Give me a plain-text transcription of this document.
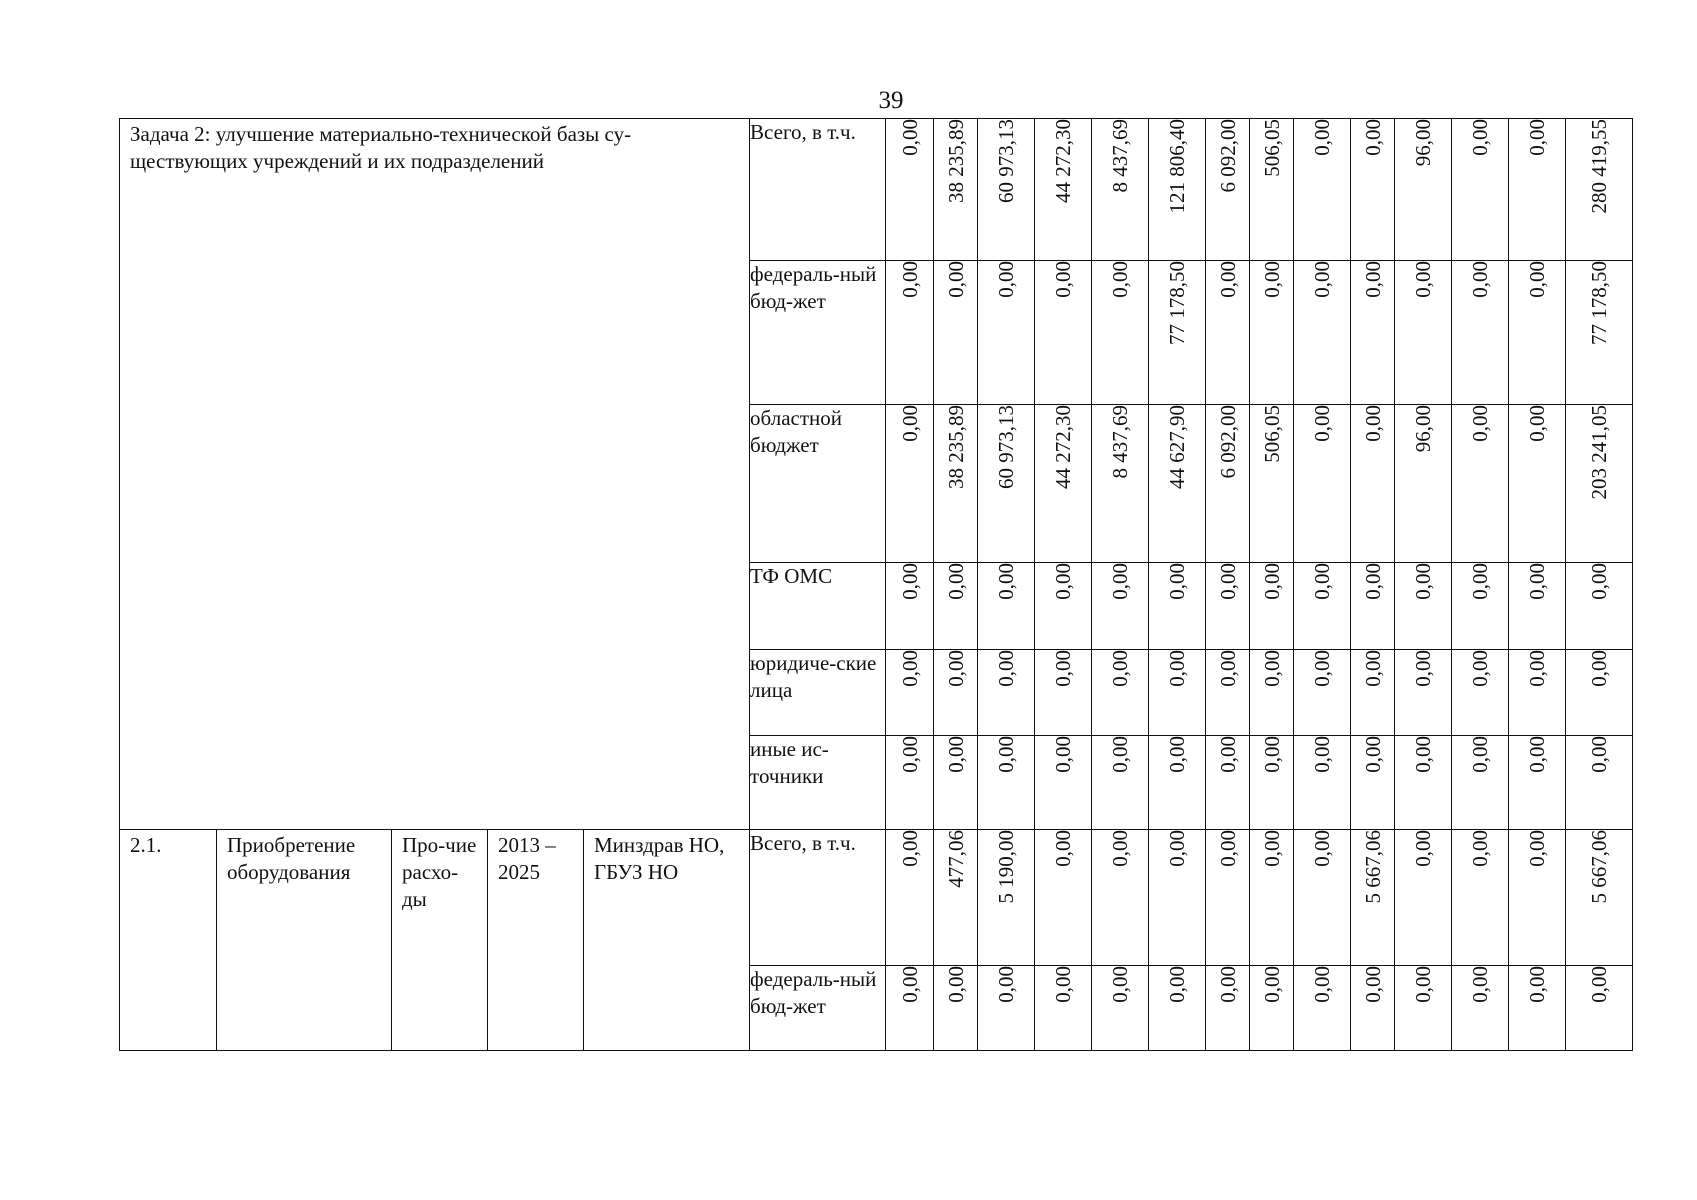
39
Задача 2: улучшение материально-технической базы су-ществующих учреждений и их подразделений					Всего, в т.ч.	0,00	38 235,89	60 973,13	44 272,30	8 437,69	121 806,40	6 092,00	506,05	0,00	0,00	96,00	0,00	0,00	280 419,55

					федераль-ный бюд-жет	0,00	0,00	0,00	0,00	0,00	77 178,50	0,00	0,00	0,00	0,00	0,00	0,00	0,00	77 178,50

					областной бюджет	0,00	38 235,89	60 973,13	44 272,30	8 437,69	44 627,90	6 092,00	506,05	0,00	0,00	96,00	0,00	0,00	203 241,05

					ТФ ОМС	0,00	0,00	0,00	0,00	0,00	0,00	0,00	0,00	0,00	0,00	0,00	0,00	0,00	0,00

					юридиче-ские лица	0,00	0,00	0,00	0,00	0,00	0,00	0,00	0,00	0,00	0,00	0,00	0,00	0,00	0,00

					иные ис-точники	0,00	0,00	0,00	0,00	0,00	0,00	0,00	0,00	0,00	0,00	0,00	0,00	0,00	0,00

2.1.	Приобретение оборудования	Про-чие расхо-ды	2013 – 2025	Минздрав НО, ГБУЗ НО	Всего, в т.ч.	0,00	477,06	5 190,00	0,00	0,00	0,00	0,00	0,00	0,00	5 667,06	0,00	0,00	0,00	5 667,06

					федераль-ный бюд-жет	0,00	0,00	0,00	0,00	0,00	0,00	0,00	0,00	0,00	0,00	0,00	0,00	0,00	0,00
